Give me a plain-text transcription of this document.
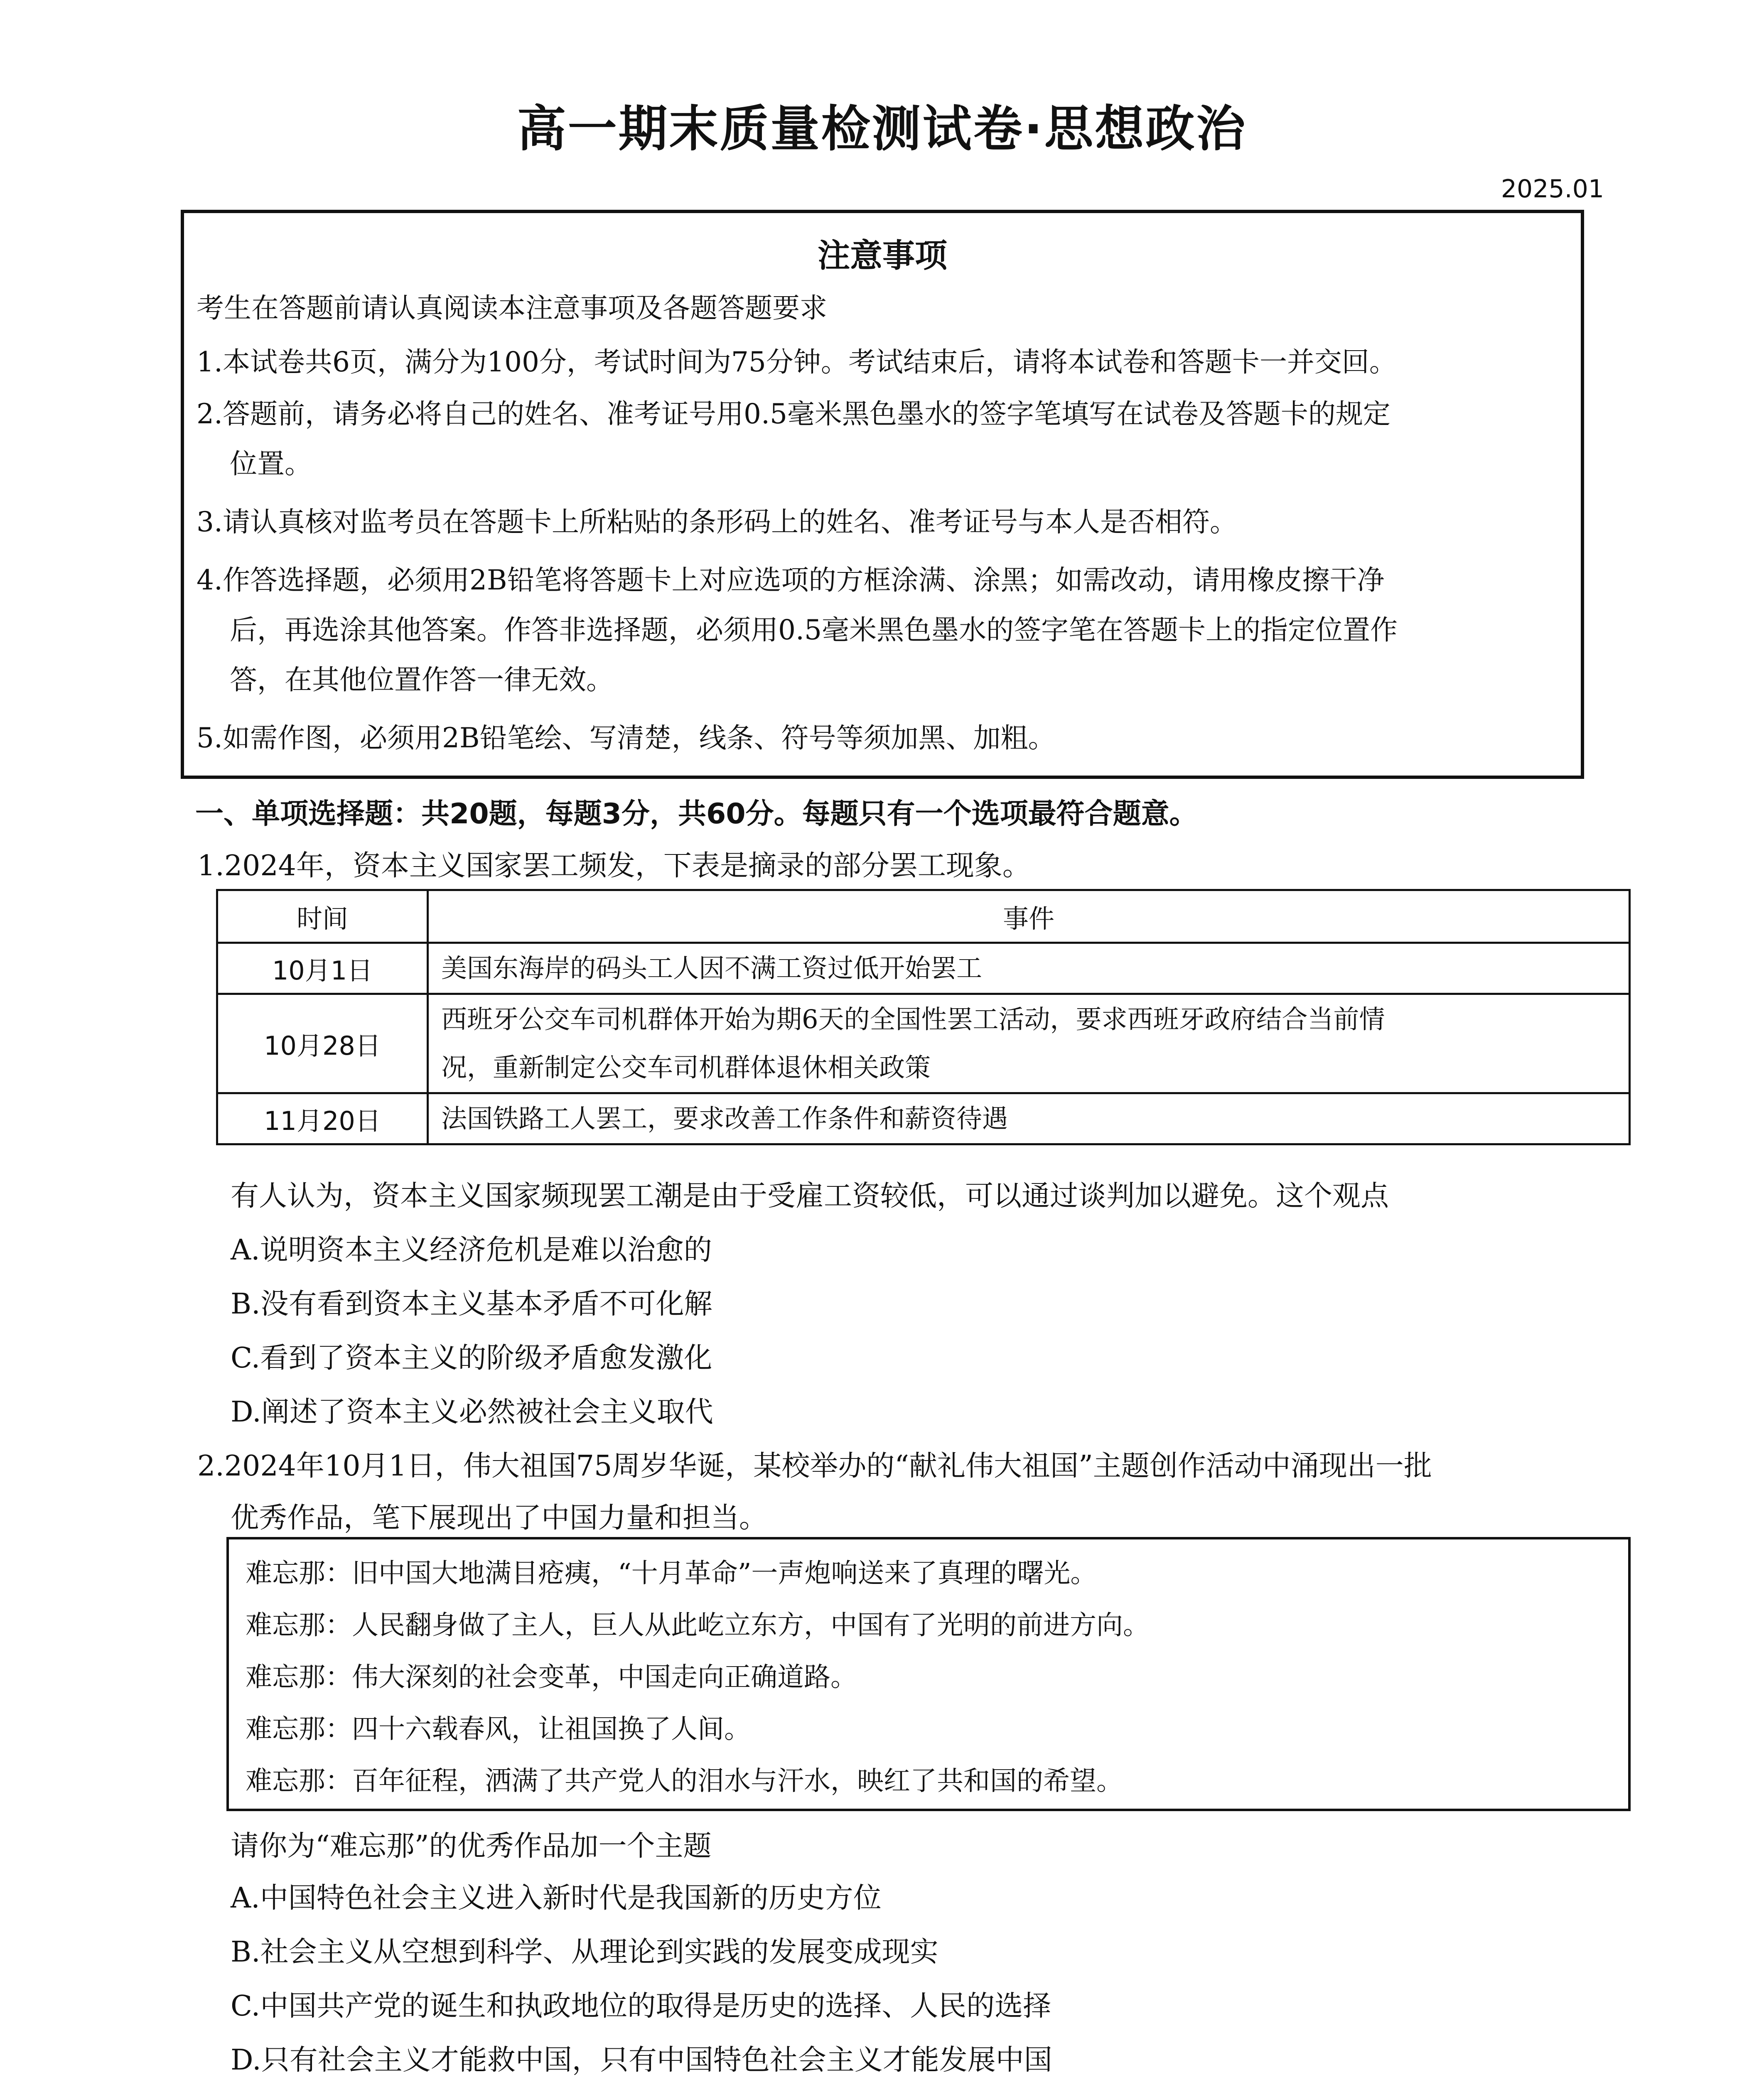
高一期末质量检测试卷·思想政治
2025.01
注意事项
考生在答题前请认真阅读本注意事项及各题答题要求
1.本试卷共6页，满分为100分，考试时间为75分钟。考试结束后，请将本试卷和答题卡一并交回。
2.答题前，请务必将自己的姓名、准考证号用0.5毫米黑色墨水的签字笔填写在试卷及答题卡的规定
位置。
3.请认真核对监考员在答题卡上所粘贴的条形码上的姓名、准考证号与本人是否相符。
4.作答选择题，必须用2B铅笔将答题卡上对应选项的方框涂满、涂黑；如需改动，请用橡皮擦干净
后，再选涂其他答案。作答非选择题，必须用0.5毫米黑色墨水的签字笔在答题卡上的指定位置作
答，在其他位置作答一律无效。
5.如需作图，必须用2B铅笔绘、写清楚，线条、符号等须加黑、加粗。
一、单项选择题：共20题，每题3分，共60分。每题只有一个选项最符合题意。
1.2024年，资本主义国家罢工频发，下表是摘录的部分罢工现象。
时间	事件
10月1日	美国东海岸的码头工人因不满工资过低开始罢工
10月28日	西班牙公交车司机群体开始为期6天的全国性罢工活动，要求西班牙政府结合当前情
况，重新制定公交车司机群体退休相关政策
11月20日	法国铁路工人罢工，要求改善工作条件和薪资待遇
有人认为，资本主义国家频现罢工潮是由于受雇工资较低，可以通过谈判加以避免。这个观点
A.说明资本主义经济危机是难以治愈的
B.没有看到资本主义基本矛盾不可化解
C.看到了资本主义的阶级矛盾愈发激化
D.阐述了资本主义必然被社会主义取代
2.2024年10月1日，伟大祖国75周岁华诞，某校举办的“献礼伟大祖国”主题创作活动中涌现出一批
优秀作品，笔下展现出了中国力量和担当。
难忘那：旧中国大地满目疮痍，“十月革命”一声炮响送来了真理的曙光。
难忘那：人民翻身做了主人，巨人从此屹立东方，中国有了光明的前进方向。
难忘那：伟大深刻的社会变革，中国走向正确道路。
难忘那：四十六载春风，让祖国换了人间。
难忘那：百年征程，洒满了共产党人的泪水与汗水，映红了共和国的希望。
请你为“难忘那”的优秀作品加一个主题
A.中国特色社会主义进入新时代是我国新的历史方位
B.社会主义从空想到科学、从理论到实践的发展变成现实
C.中国共产党的诞生和执政地位的取得是历史的选择、人民的选择
D.只有社会主义才能救中国，只有中国特色社会主义才能发展中国
